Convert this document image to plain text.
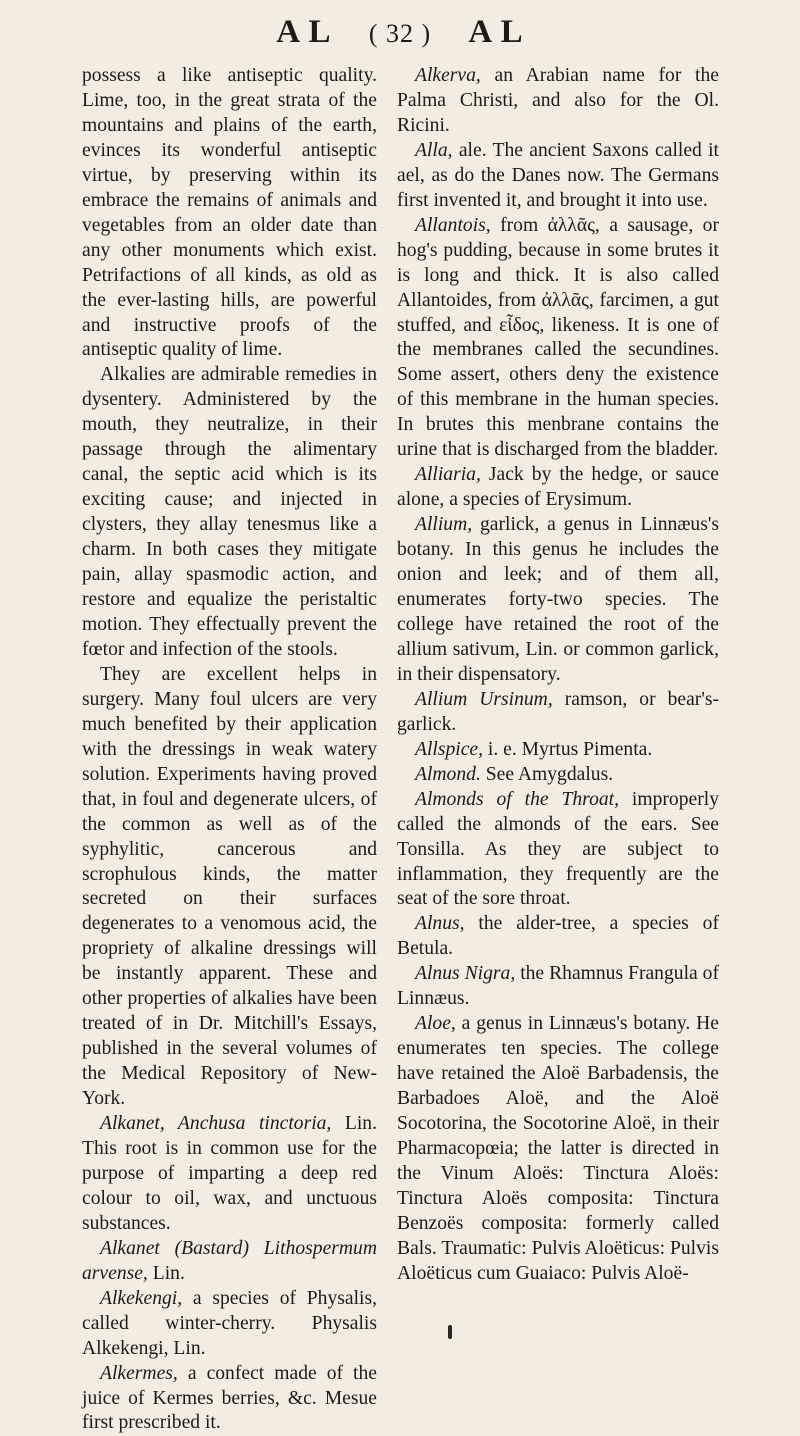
A L ( 32 ) A L

possess a like antiseptic quality. Lime, too, in the great strata of the mountains and plains of the earth, evinces its wonderful antiseptic virtue, by preserving within its embrace the remains of animals and vegetables from an older date than any other monuments which exist. Petrifactions of all kinds, as old as the ever-lasting hills, are powerful and instructive proofs of the antiseptic quality of lime.

Alkalies are admirable remedies in dysentery. Administered by the mouth, they neutralize, in their passage through the alimentary canal, the septic acid which is its exciting cause; and injected in clysters, they allay tenesmus like a charm. In both cases they mitigate pain, allay spasmodic action, and restore and equalize the peristaltic motion. They effectually prevent the fœtor and infection of the stools.

They are excellent helps in surgery. Many foul ulcers are very much benefited by their application with the dressings in weak watery solution. Experiments having proved that, in foul and degenerate ulcers, of the common as well as of the syphylitic, cancerous and scrophulous kinds, the matter secreted on their surfaces degenerates to a venomous acid, the propriety of alkaline dressings will be instantly apparent. These and other properties of alkalies have been treated of in Dr. Mitchill's Essays, published in the several volumes of the Medical Repository of New-York.

Alkanet, Anchusa tinctoria, Lin. This root is in common use for the purpose of imparting a deep red colour to oil, wax, and unctuous substances.

Alkanet (Bastard) Lithospermum arvense, Lin.

Alkekengi, a species of Physalis, called winter-cherry. Physalis Alkekengi, Lin.

Alkermes, a confect made of the juice of Kermes berries, &c. Mesue first prescribed it.

Alkerva, an Arabian name for the Palma Christi, and also for the Ol. Ricini.

Alla, ale. The ancient Saxons called it ael, as do the Danes now. The Germans first invented it, and brought it into use.

Allantois, from ἀλλᾶς, a sausage, or hog's pudding, because in some brutes it is long and thick. It is also called Allantoides, from ἀλλᾶς, farcimen, a gut stuffed, and εἶδος, likeness. It is one of the membranes called the secundines. Some assert, others deny the existence of this membrane in the human species. In brutes this menbrane contains the urine that is discharged from the bladder.

Alliaria, Jack by the hedge, or sauce alone, a species of Erysimum.

Allium, garlick, a genus in Linnæus's botany. In this genus he includes the onion and leek; and of them all, enumerates forty-two species. The college have retained the root of the allium sativum, Lin. or common garlick, in their dispensatory.

Allium Ursinum, ramson, or bear's-garlick.

Allspice, i. e. Myrtus Pimenta.

Almond. See Amygdalus.

Almonds of the Throat, improperly called the almonds of the ears. See Tonsilla. As they are subject to inflammation, they frequently are the seat of the sore throat.

Alnus, the alder-tree, a species of Betula.

Alnus Nigra, the Rhamnus Frangula of Linnæus.

Aloe, a genus in Linnæus's botany. He enumerates ten species. The college have retained the Aloë Barbadensis, the Barbadoes Aloë, and the Aloë Socotorina, the Socotorine Aloë, in their Pharmacopœia; the latter is directed in the Vinum Aloës: Tinctura Aloës: Tinctura Aloës composita: Tinctura Benzoës composita: formerly called Bals. Traumatic: Pulvis Aloëticus: Pulvis Aloëticus cum Guaiaco: Pulvis Aloë-
